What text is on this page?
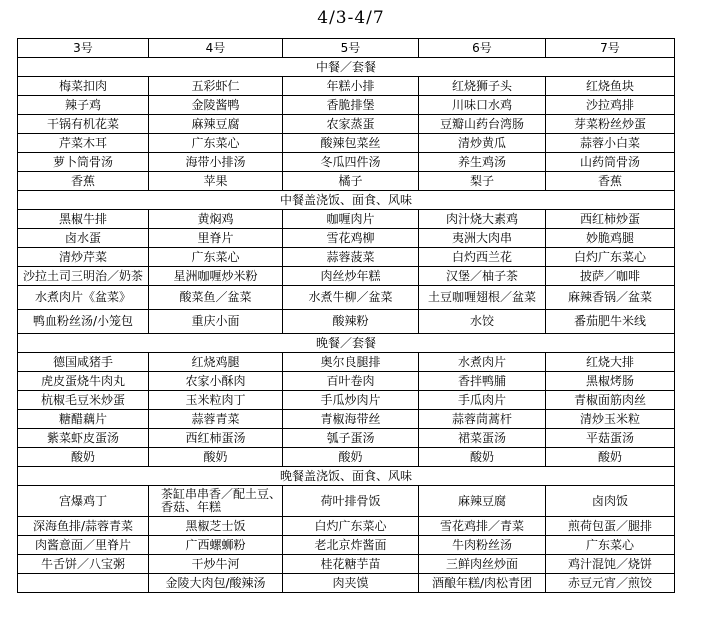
4/3-4/7
3号	4号	5号	6号	7号
中餐／套餐				
梅菜扣肉	五彩虾仁	年糕小排	红烧狮子头	红烧鱼块
辣子鸡	金陵酱鸭	香脆排堡	川味口水鸡	沙拉鸡排
干锅有机花菜	麻辣豆腐	农家蒸蛋	豆瓣山药台湾肠	芽菜粉丝炒蛋
芹菜木耳	广东菜心	酸辣包菜丝	清炒黄瓜	蒜蓉小白菜
萝卜筒骨汤	海带小排汤	冬瓜四件汤	养生鸡汤	山药筒骨汤
香蕉	苹果	橘子	梨子	香蕉
中餐盖浇饭、面食、风味				
黑椒牛排	黄焖鸡	咖喱肉片	肉汁烧大素鸡	西红柿炒蛋
卤水蛋	里脊片	雪花鸡柳	夷洲大肉串	妙脆鸡腿
清炒芹菜	广东菜心	蒜蓉菠菜	白灼西兰花	白灼广东菜心
沙拉土司三明治／奶茶	星洲咖喱炒米粉	肉丝炒年糕	汉堡／柚子茶	披萨／咖啡
水煮肉片《盆菜》	酸菜鱼／盆菜	水煮牛柳／盆菜	土豆咖喱翅根／盆菜	麻辣香锅／盆菜
鸭血粉丝汤/小笼包	重庆小面	酸辣粉	水饺	番茄肥牛米线
晚餐／套餐				
德国咸猪手	红烧鸡腿	奥尔良腿排	水煮肉片	红烧大排
虎皮蛋烧牛肉丸	农家小酥肉	百叶卷肉	香拌鸭脯	黑椒烤肠
杭椒毛豆米炒蛋	玉米粒肉丁	手瓜炒肉片	手瓜肉片	青椒面筋肉丝
糖醋藕片	蒜蓉青菜	青椒海带丝	蒜蓉茼蒿杆	清炒玉米粒
紫菜虾皮蛋汤	西红柿蛋汤	瓠子蛋汤	裙菜蛋汤	平菇蛋汤
酸奶	酸奶	酸奶	酸奶	酸奶
晚餐盖浇饭、面食、风味				
宫爆鸡丁	茶缸串串香／配土豆、香菇、年糕	荷叶排骨饭	麻辣豆腐	卤肉饭
深海鱼排/蒜蓉青菜	黑椒芝士饭	白灼广东菜心	雪花鸡排／青菜	煎荷包蛋／腿排
肉酱意面／里脊片	广西螺蛳粉	老北京炸酱面	牛肉粉丝汤	广东菜心
牛舌饼／八宝粥	干炒牛河	桂花糖芋苗	三鲜肉丝炒面	鸡汁混饨／烧饼
	金陵大肉包/酸辣汤	肉夹馍	酒酿年糕/肉松青团	赤豆元宵／煎饺
